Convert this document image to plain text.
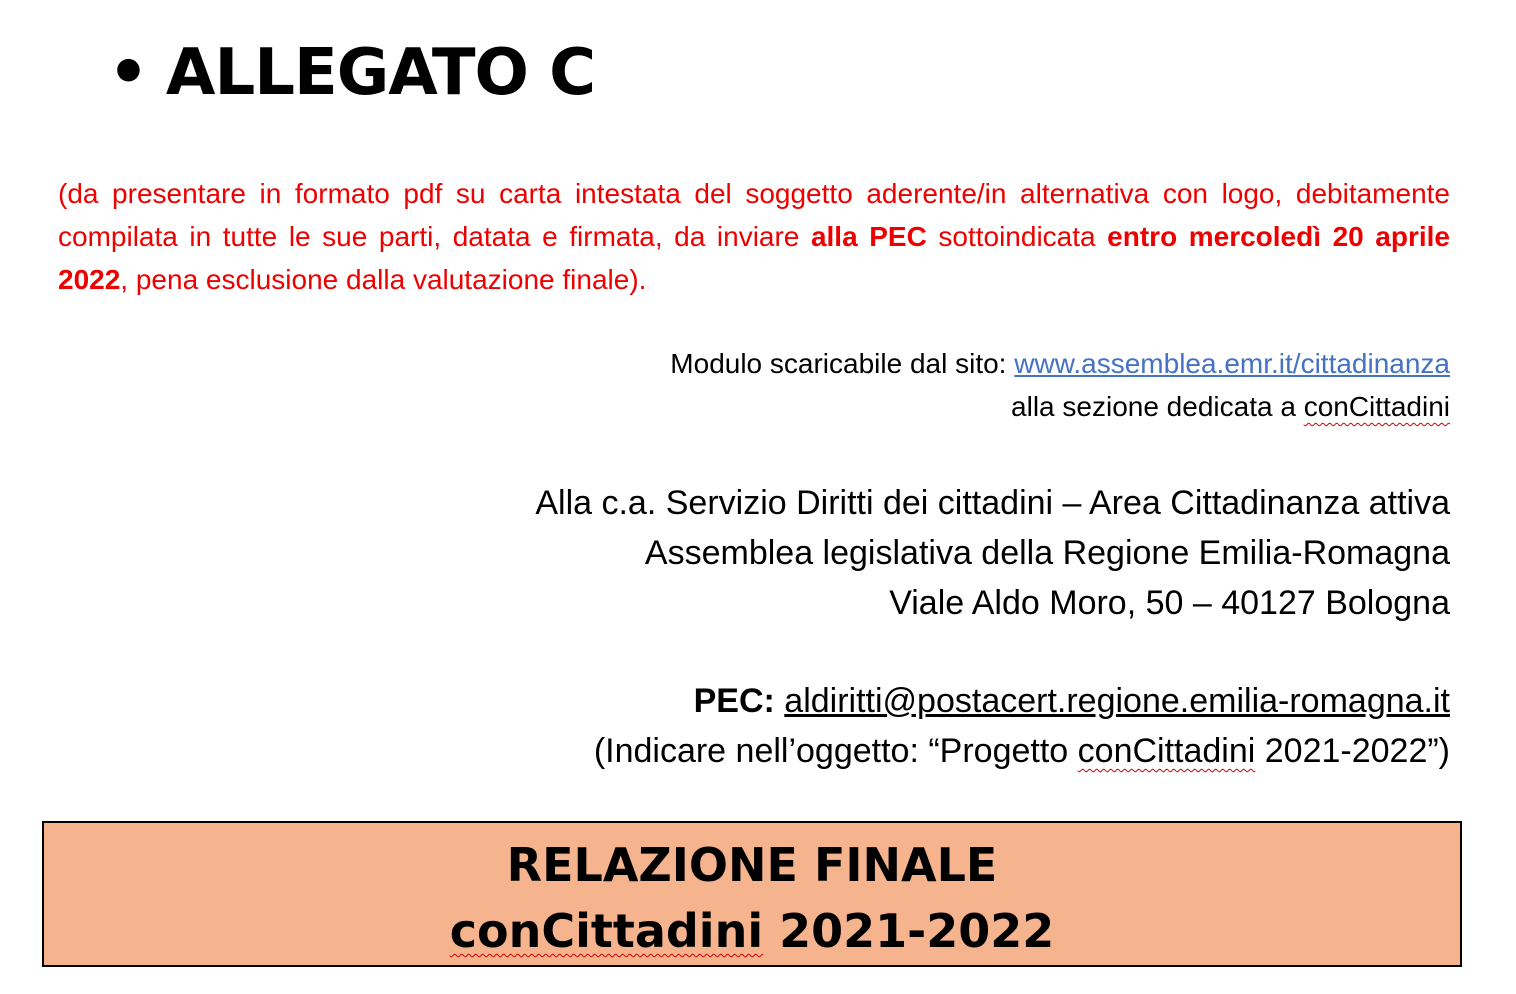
• ALLEGATO C
(da presentare in formato pdf su carta intestata del soggetto aderente/in alternativa con logo, debitamente compilata in tutte le sue parti, datata e firmata, da inviare alla PEC sottoindicata entro mercoledì 20 aprile 2022, pena esclusione dalla valutazione finale).
Modulo scaricabile dal sito: www.assemblea.emr.it/cittadinanza
alla sezione dedicata a conCittadini
Alla c.a. Servizio Diritti dei cittadini – Area Cittadinanza attiva
Assemblea legislativa della Regione Emilia-Romagna
Viale Aldo Moro, 50 – 40127 Bologna
PEC: aldiritti@postacert.regione.emilia-romagna.it
(Indicare nell’oggetto: “Progetto conCittadini 2021-2022”)
RELAZIONE FINALE
conCittadini 2021-2022
